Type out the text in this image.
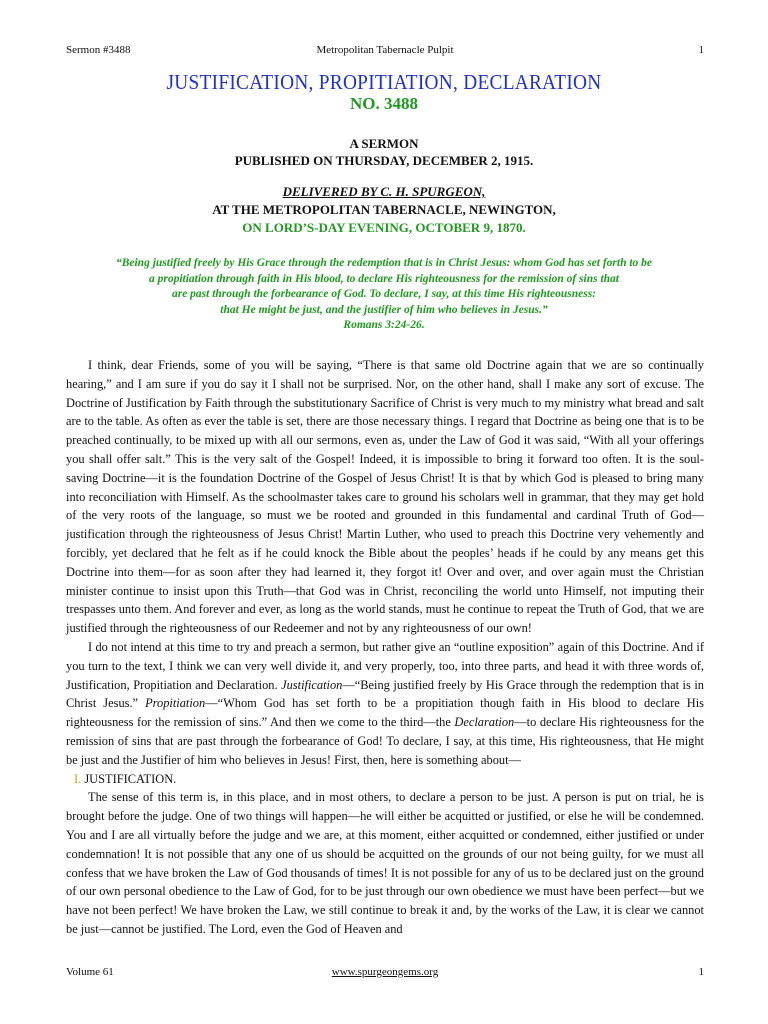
Sermon #3488	Metropolitan Tabernacle Pulpit	1
JUSTIFICATION, PROPITIATION, DECLARATION
NO. 3488
A SERMON
PUBLISHED ON THURSDAY, DECEMBER 2, 1915.
DELIVERED BY C. H. SPURGEON,
AT THE METROPOLITAN TABERNACLE, NEWINGTON,
ON LORD’S-DAY EVENING, OCTOBER 9, 1870.
“Being justified freely by His Grace through the redemption that is in Christ Jesus: whom God has set forth to be
a propitiation through faith in His blood, to declare His righteousness for the remission of sins that
are past through the forbearance of God. To declare, I say, at this time His righteousness:
that He might be just, and the justifier of him who believes in Jesus.”
Romans 3:24-26.

I think, dear Friends, some of you will be saying, “There is that same old Doctrine again that we are so continually hearing,” and I am sure if you do say it I shall not be surprised. Nor, on the other hand, shall I make any sort of excuse. The Doctrine of Justification by Faith through the substitutionary Sacrifice of Christ is very much to my ministry what bread and salt are to the table. As often as ever the table is set, there are those necessary things. I regard that Doctrine as being one that is to be preached continually, to be mixed up with all our sermons, even as, under the Law of God it was said, “With all your offerings you shall offer salt.” This is the very salt of the Gospel! Indeed, it is impossible to bring it forward too often. It is the soul-saving Doctrine—it is the foundation Doctrine of the Gospel of Jesus Christ! It is that by which God is pleased to bring many into reconciliation with Himself. As the schoolmaster takes care to ground his scholars well in grammar, that they may get hold of the very roots of the language, so must we be rooted and grounded in this fundamental and cardinal Truth of God—justification through the righteousness of Jesus Christ! Martin Luther, who used to preach this Doctrine very vehemently and forcibly, yet declared that he felt as if he could knock the Bible about the peoples’ heads if he could by any means get this Doctrine into them—for as soon after they had learned it, they forgot it! Over and over, and over again must the Christian minister continue to insist upon this Truth—that God was in Christ, reconciling the world unto Himself, not imputing their trespasses unto them. And forever and ever, as long as the world stands, must he continue to repeat the Truth of God, that we are justified through the righteousness of our Redeemer and not by any righteousness of our own!

I do not intend at this time to try and preach a sermon, but rather give an “outline exposition” again of this Doctrine. And if you turn to the text, I think we can very well divide it, and very properly, too, into three parts, and head it with three words of, Justification, Propitiation and Declaration. Justification—“Being justified freely by His Grace through the redemption that is in Christ Jesus.” Propitiation—“Whom God has set forth to be a propitiation though faith in His blood to declare His righteousness for the remission of sins.” And then we come to the third—the Declaration—to declare His righteousness for the remission of sins that are past through the forbearance of God! To declare, I say, at this time, His righteousness, that He might be just and the Justifier of him who believes in Jesus! First, then, here is something about—

I. JUSTIFICATION.

The sense of this term is, in this place, and in most others, to declare a person to be just. A person is put on trial, he is brought before the judge. One of two things will happen—he will either be acquitted or justified, or else he will be condemned. You and I are all virtually before the judge and we are, at this moment, either acquitted or condemned, either justified or under condemnation! It is not possible that any one of us should be acquitted on the grounds of our not being guilty, for we must all confess that we have broken the Law of God thousands of times! It is not possible for any of us to be declared just on the ground of our own personal obedience to the Law of God, for to be just through our own obedience we must have been perfect—but we have not been perfect! We have broken the Law, we still continue to break it and, by the works of the Law, it is clear we cannot be just—cannot be justified. The Lord, even the God of Heaven and

Volume 61	www.spurgeongems.org	1
